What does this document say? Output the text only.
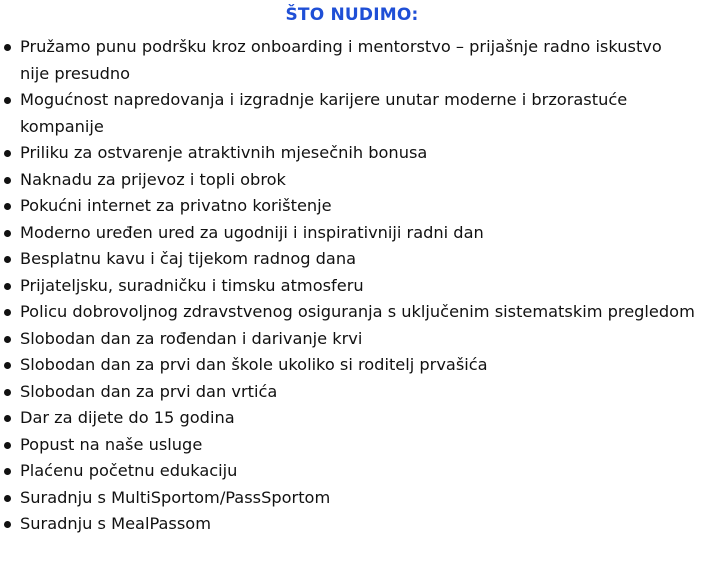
ŠTO NUDIMO:
Pružamo punu podršku kroz onboarding i mentorstvo – prijašnje radno iskustvo nije presudno
Mogućnost napredovanja i izgradnje karijere unutar moderne i brzorastuće kompanije
Priliku za ostvarenje atraktivnih mjesečnih bonusa
Naknadu za prijevoz i topli obrok
Pokućni internet za privatno korištenje
Moderno uređen ured za ugodniji i inspirativniji radni dan
Besplatnu kavu i čaj tijekom radnog dana
Prijateljsku, suradničku i timsku atmosferu
Policu dobrovoljnog zdravstvenog osiguranja s uključenim sistematskim pregledom
Slobodan dan za rođendan i darivanje krvi
Slobodan dan za prvi dan škole ukoliko si roditelj prvašića
Slobodan dan za prvi dan vrtića
Dar za dijete do 15 godina
Popust na naše usluge
Plaćenu početnu edukaciju
Suradnju s MultiSportom/PassSportom
Suradnju s MealPassom
